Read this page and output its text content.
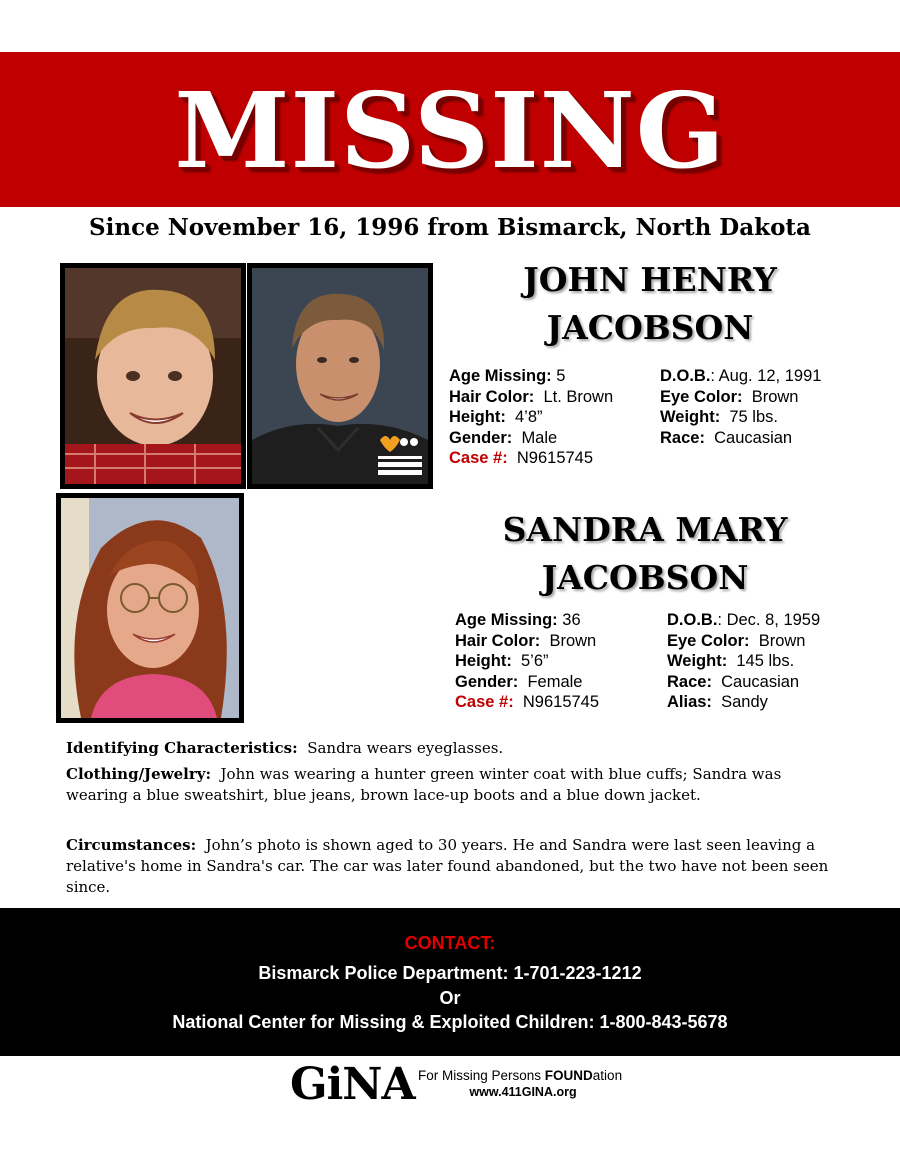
MISSING
Since November 16, 1996 from Bismarck, North Dakota
JOHN HENRY
JACOBSON
Age Missing: 5
Hair Color: Lt. Brown
Height: 4’8”
Gender: Male
Case #: N9615745
D.O.B.: Aug. 12, 1991
Eye Color: Brown
Weight: 75 lbs.
Race: Caucasian
SANDRA MARY
JACOBSON
Age Missing: 36
Hair Color: Brown
Height: 5’6”
Gender: Female
Case #: N9615745
D.O.B.: Dec. 8, 1959
Eye Color: Brown
Weight: 145 lbs.
Race: Caucasian
Alias: Sandy
Identifying Characteristics: Sandra wears eyeglasses.
Clothing/Jewelry: John was wearing a hunter green winter coat with blue cuffs; Sandra was wearing a blue sweatshirt, blue jeans, brown lace-up boots and a blue down jacket.
Circumstances: John’s photo is shown aged to 30 years. He and Sandra were last seen leaving a relative's home in Sandra's car. The car was later found abandoned, but the two have not been seen since.
CONTACT:
Bismarck Police Department: 1-701-223-1212
Or
National Center for Missing & Exploited Children: 1-800-843-5678
GiNA For Missing Persons FOUNDation
www.411GINA.org
